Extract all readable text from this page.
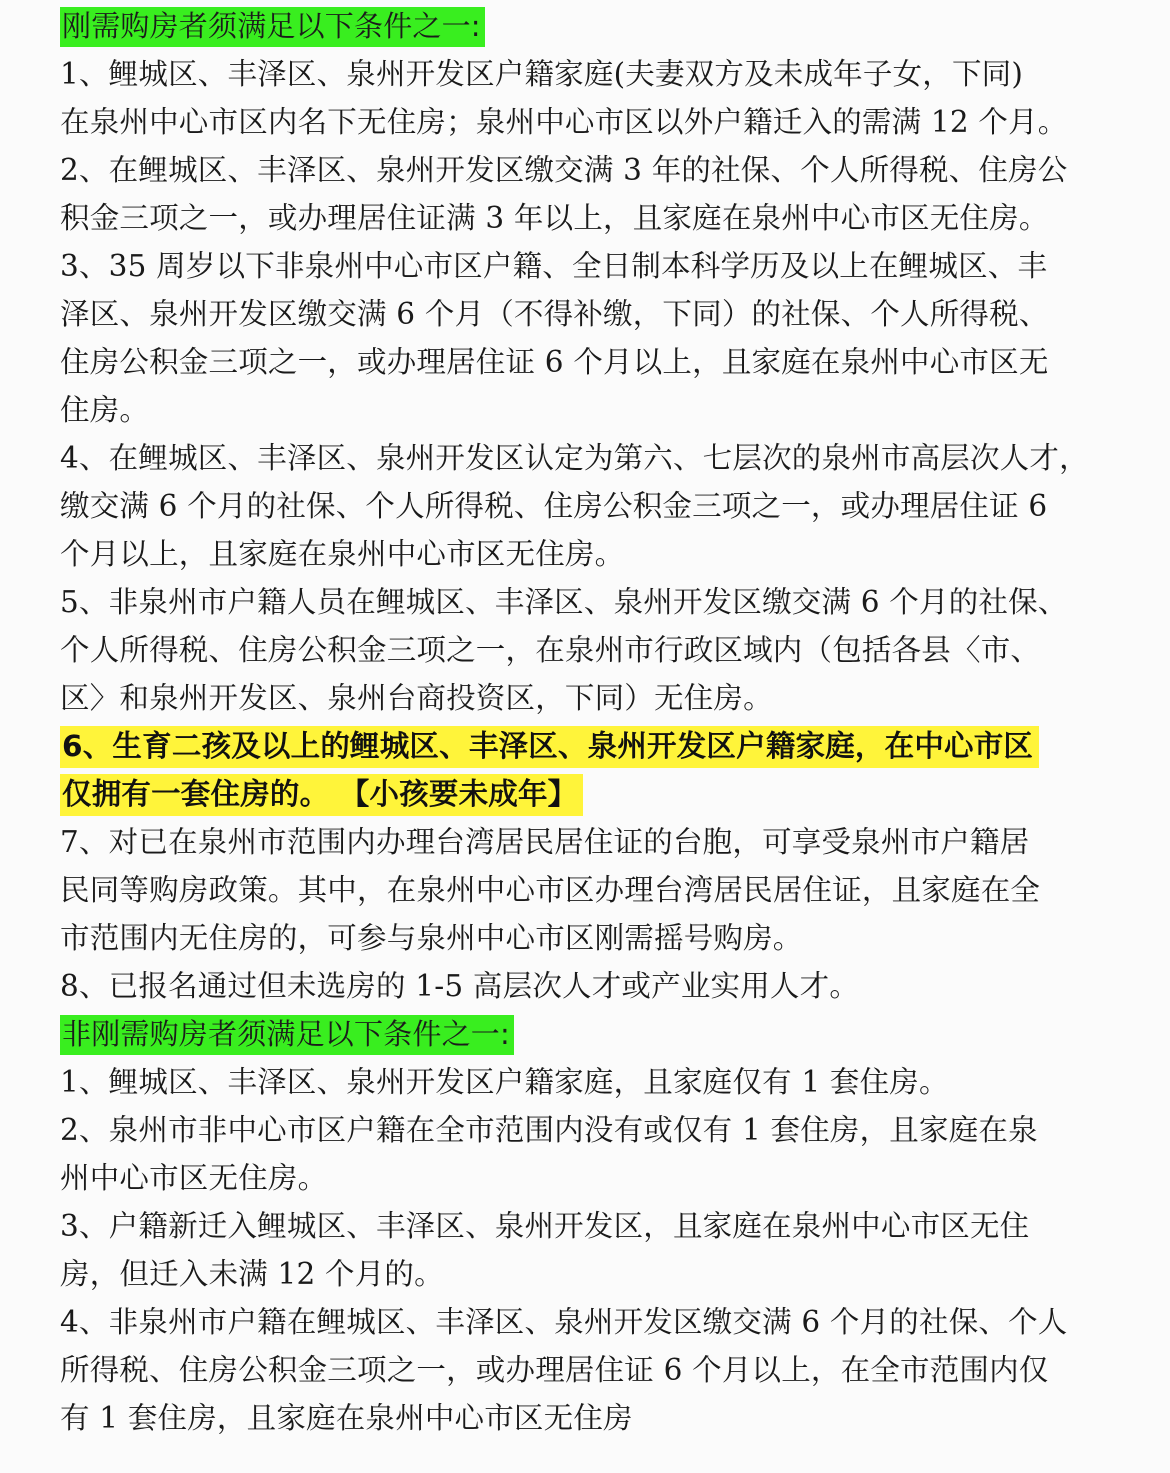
刚需购房者须满足以下条件之一:
1、鲤城区、丰泽区、泉州开发区户籍家庭(夫妻双方及未成年子女，下同)
在泉州中心市区内名下无住房；泉州中心市区以外户籍迁入的需满 12 个月。
2、在鲤城区、丰泽区、泉州开发区缴交满 3 年的社保、个人所得税、住房公
积金三项之一，或办理居住证满 3 年以上，且家庭在泉州中心市区无住房。
3、35 周岁以下非泉州中心市区户籍、全日制本科学历及以上在鲤城区、丰
泽区、泉州开发区缴交满 6 个月（不得补缴，下同）的社保、个人所得税、
住房公积金三项之一，或办理居住证 6 个月以上，且家庭在泉州中心市区无
住房。
4、在鲤城区、丰泽区、泉州开发区认定为第六、七层次的泉州市高层次人才，
缴交满 6 个月的社保、个人所得税、住房公积金三项之一，或办理居住证 6
个月以上，且家庭在泉州中心市区无住房。
5、非泉州市户籍人员在鲤城区、丰泽区、泉州开发区缴交满 6 个月的社保、
个人所得税、住房公积金三项之一，在泉州市行政区域内（包括各县〈市、
区〉和泉州开发区、泉州台商投资区，下同）无住房。
6、生育二孩及以上的鲤城区、丰泽区、泉州开发区户籍家庭，在中心市区
仅拥有一套住房的。 【小孩要未成年】
7、对已在泉州市范围内办理台湾居民居住证的台胞，可享受泉州市户籍居
民同等购房政策。其中，在泉州中心市区办理台湾居民居住证，且家庭在全
市范围内无住房的，可参与泉州中心市区刚需摇号购房。
8、已报名通过但未选房的 1-5 高层次人才或产业实用人才。
非刚需购房者须满足以下条件之一:
1、鲤城区、丰泽区、泉州开发区户籍家庭，且家庭仅有 1 套住房。
2、泉州市非中心市区户籍在全市范围内没有或仅有 1 套住房，且家庭在泉
州中心市区无住房。
3、户籍新迁入鲤城区、丰泽区、泉州开发区，且家庭在泉州中心市区无住
房，但迁入未满 12 个月的。
4、非泉州市户籍在鲤城区、丰泽区、泉州开发区缴交满 6 个月的社保、个人
所得税、住房公积金三项之一，或办理居住证 6 个月以上，在全市范围内仅
有 1 套住房，且家庭在泉州中心市区无住房
